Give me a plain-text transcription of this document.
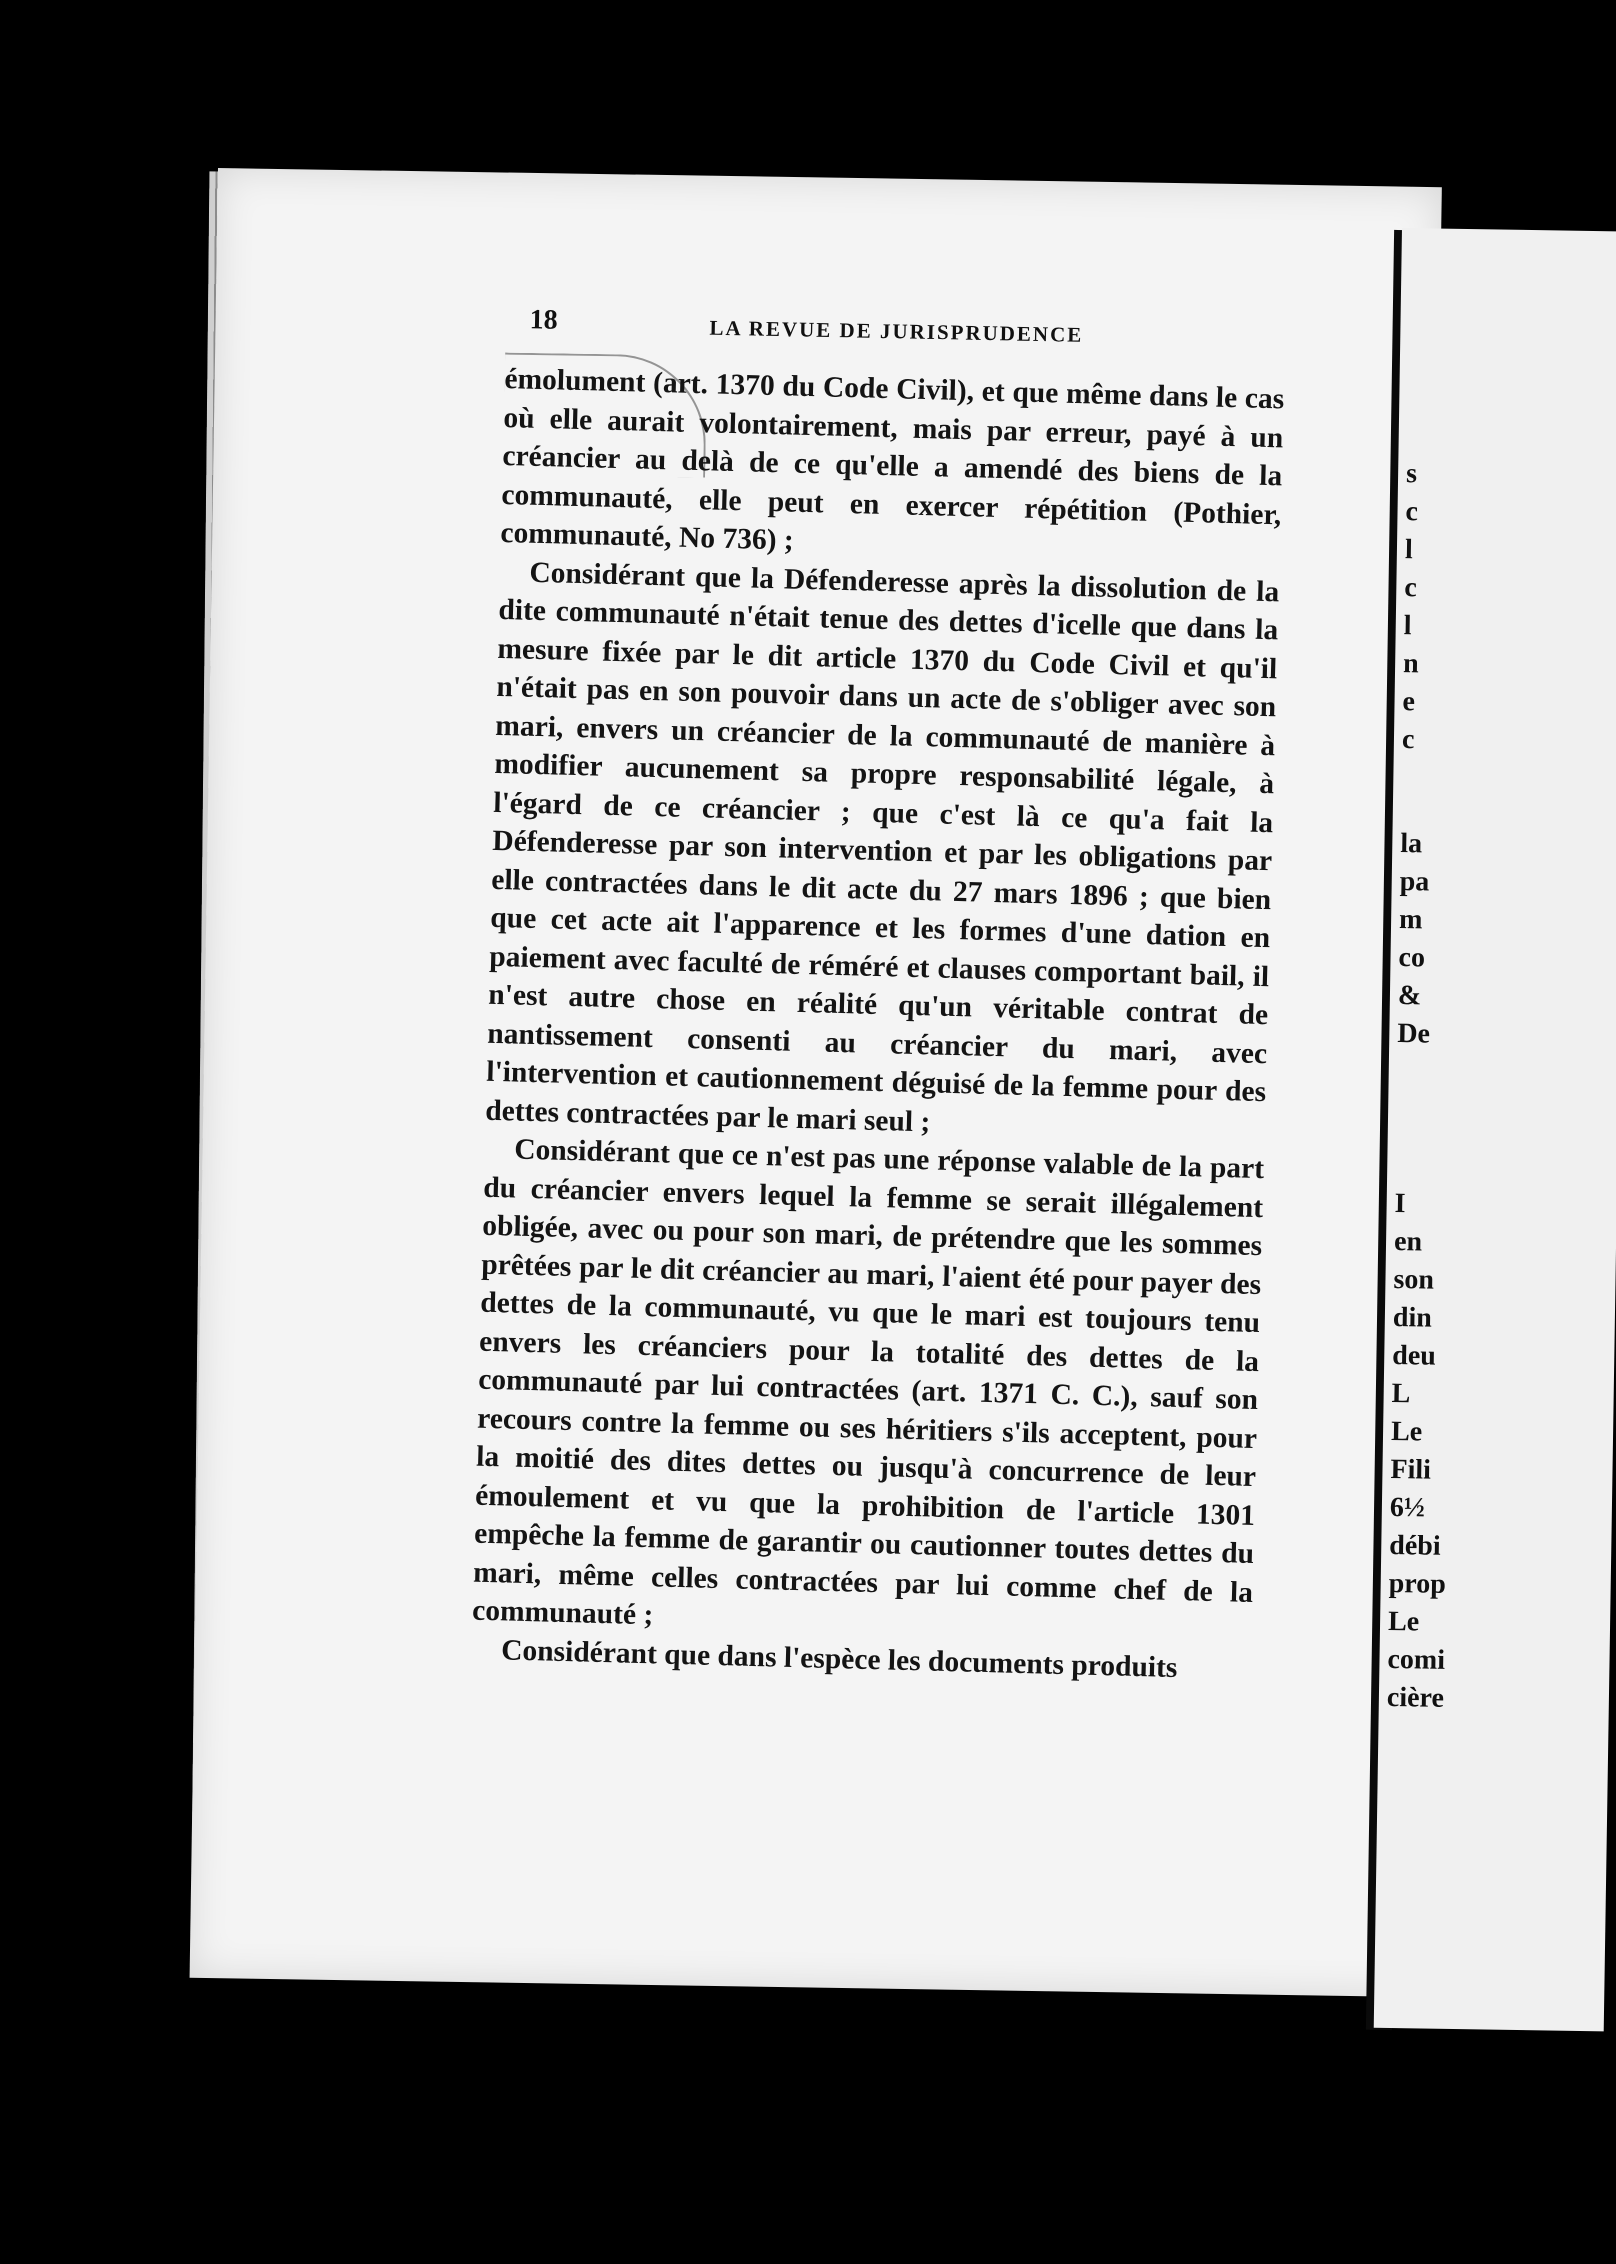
s
c
l
c
l
n
e
c
la
pa
m
co
&
De
I
en
son
din
deu
L
Le
Fili
6½
débi
prop
Le
comi
cière
18	LA REVUE DE JURISPRUDENCE

émolument (art. 1370 du Code Civil), et que même dans le cas où elle aurait volontairement, mais par erreur, payé à un créancier au delà de ce qu'elle a amendé des biens de la communauté, elle peut en exercer répétition (Pothier, communauté, No 736) ;

Considérant que la Défenderesse après la dissolution de la dite communauté n'était tenue des dettes d'icelle que dans la mesure fixée par le dit article 1370 du Code Civil et qu'il n'était pas en son pouvoir dans un acte de s'obliger avec son mari, envers un créancier de la communauté de manière à modifier aucunement sa propre responsabilité légale, à l'égard de ce créancier ; que c'est là ce qu'a fait la Défenderesse par son intervention et par les obligations par elle contractées dans le dit acte du 27 mars 1896 ; que bien que cet acte ait l'apparence et les formes d'une dation en paiement avec faculté de réméré et clauses comportant bail, il n'est autre chose en réalité qu'un véritable contrat de nantissement consenti au créancier du mari, avec l'intervention et cautionnement déguisé de la femme pour des dettes contractées par le mari seul ;

Considérant que ce n'est pas une réponse valable de la part du créancier envers lequel la femme se serait illégalement obligée, avec ou pour son mari, de prétendre que les sommes prêtées par le dit créancier au mari, l'aient été pour payer des dettes de la communauté, vu que le mari est toujours tenu envers les créanciers pour la totalité des dettes de la communauté par lui contractées (art. 1371 C. C.), sauf son recours contre la femme ou ses héritiers s'ils acceptent, pour la moitié des dites dettes ou jusqu'à concurrence de leur émoulement et vu que la prohibition de l'article 1301 empêche la femme de garantir ou cautionner toutes dettes du mari, même celles contractées par lui comme chef de la communauté ;

Considérant que dans l'espèce les documents produits
